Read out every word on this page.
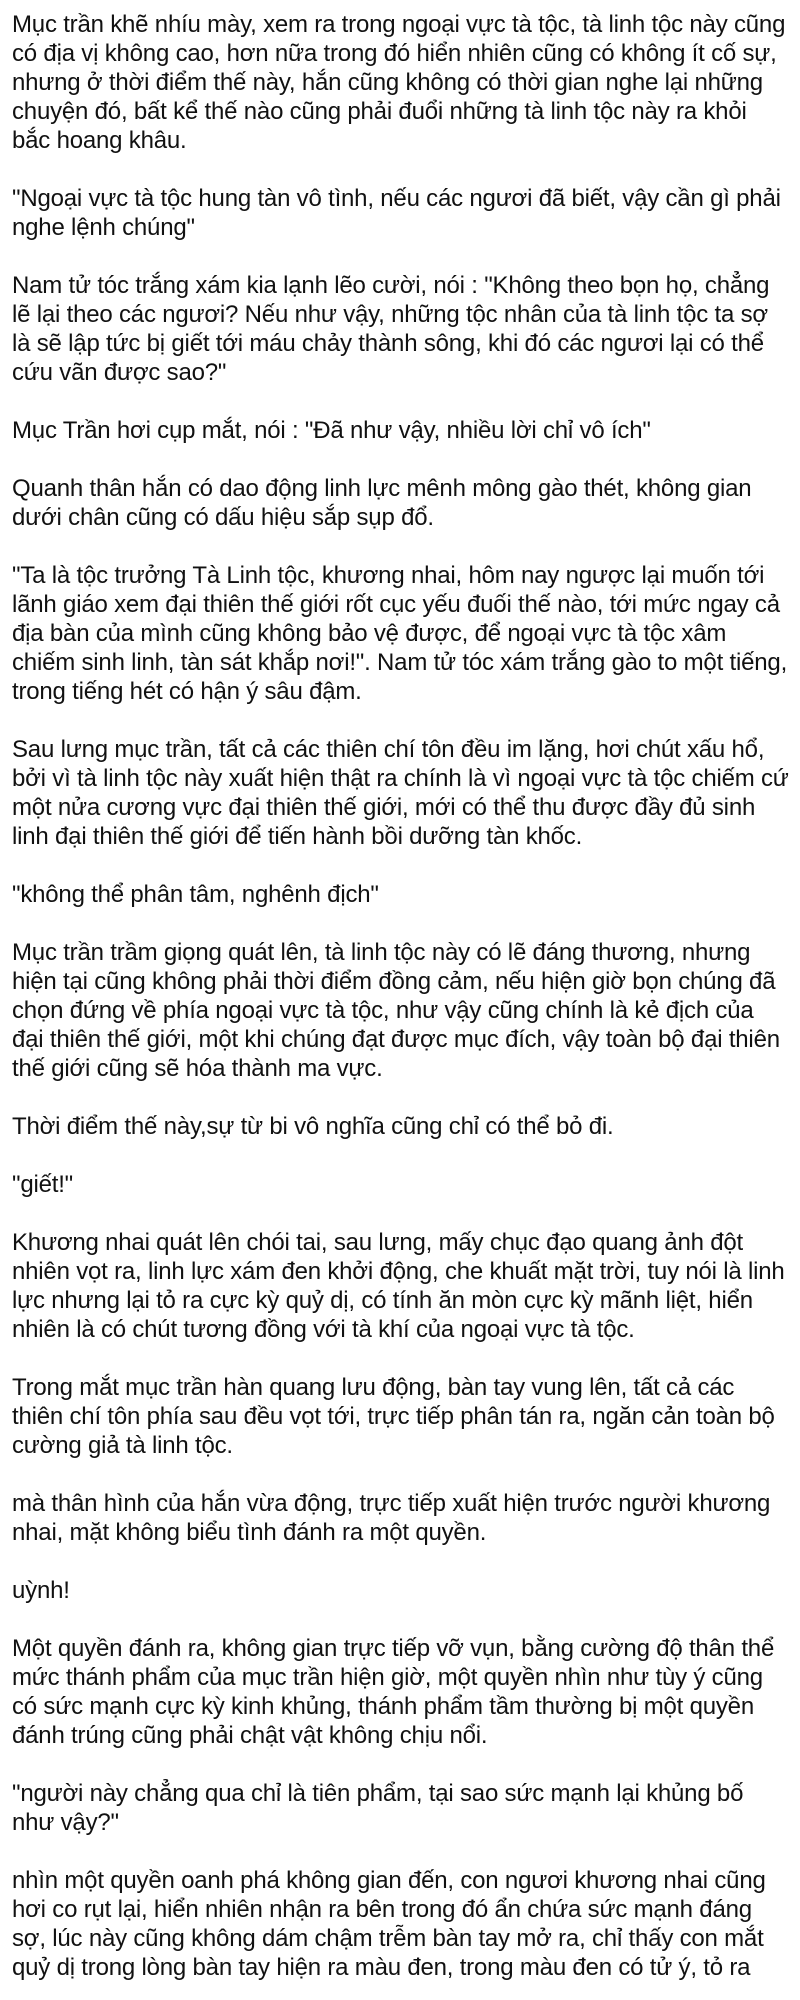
Mục trần khẽ nhíu mày, xem ra trong ngoại vực tà tộc, tà linh tộc này cũng có địa vị không cao, hơn nữa trong đó hiển nhiên cũng có không ít cố sự, nhưng ở thời điểm thế này, hắn cũng không có thời gian nghe lại những chuyện đó, bất kể thế nào cũng phải đuổi những tà linh tộc này ra khỏi bắc hoang khâu.

"Ngoại vực tà tộc hung tàn vô tình, nếu các ngươi đã biết, vậy cần gì phải nghe lệnh chúng"

Nam tử tóc trắng xám kia lạnh lẽo cười, nói : "Không theo bọn họ, chẳng lẽ lại theo các ngươi? Nếu như vậy, những tộc nhân của tà linh tộc ta sợ là sẽ lập tức bị giết tới máu chảy thành sông, khi đó các ngươi lại có thể cứu vãn được sao?"

Mục Trần hơi cụp mắt, nói : "Đã như vậy, nhiều lời chỉ vô ích"

Quanh thân hắn có dao động linh lực mênh mông gào thét, không gian dưới chân cũng có dấu hiệu sắp sụp đổ.

"Ta là tộc trưởng Tà Linh tộc, khương nhai, hôm nay ngược lại muốn tới lãnh giáo xem đại thiên thế giới rốt cục yếu đuối thế nào, tới mức ngay cả địa bàn của mình cũng không bảo vệ được, để ngoại vực tà tộc xâm chiếm sinh linh, tàn sát khắp nơi!". Nam tử tóc xám trắng gào to một tiếng, trong tiếng hét có hận ý sâu đậm.

Sau lưng mục trần, tất cả các thiên chí tôn đều im lặng, hơi chút xấu hổ, bởi vì tà linh tộc này xuất hiện thật ra chính là vì ngoại vực tà tộc chiếm cứ một nửa cương vực đại thiên thế giới, mới có thể thu được đầy đủ sinh linh đại thiên thế giới để tiến hành bồi dưỡng tàn khốc.

"không thể phân tâm, nghênh địch"

Mục trần trầm giọng quát lên, tà linh tộc này có lẽ đáng thương, nhưng hiện tại cũng không phải thời điểm đồng cảm, nếu hiện giờ bọn chúng đã chọn đứng về phía ngoại vực tà tộc, như vậy cũng chính là kẻ địch của đại thiên thế giới, một khi chúng đạt được mục đích, vậy toàn bộ đại thiên thế giới cũng sẽ hóa thành ma vực.

Thời điểm thế này,sự từ bi vô nghĩa cũng chỉ có thể bỏ đi.

"giết!"

Khương nhai quát lên chói tai, sau lưng, mấy chục đạo quang ảnh đột nhiên vọt ra, linh lực xám đen khởi động, che khuất mặt trời, tuy nói là linh lực nhưng lại tỏ ra cực kỳ quỷ dị, có tính ăn mòn cực kỳ mãnh liệt, hiển nhiên là có chút tương đồng với tà khí của ngoại vực tà tộc.

Trong mắt mục trần hàn quang lưu động, bàn tay vung lên, tất cả các thiên chí tôn phía sau đều vọt tới, trực tiếp phân tán ra, ngăn cản toàn bộ cường giả tà linh tộc.

mà thân hình của hắn vừa động, trực tiếp xuất hiện trước người khương nhai, mặt không biểu tình đánh ra một quyền.

uỳnh!

Một quyền đánh ra, không gian trực tiếp vỡ vụn, bằng cường độ thân thể mức thánh phẩm của mục trần hiện giờ, một quyền nhìn như tùy ý cũng có sức mạnh cực kỳ kinh khủng, thánh phẩm tầm thường bị một quyền đánh trúng cũng phải chật vật không chịu nổi.

"người này chẳng qua chỉ là tiên phẩm, tại sao sức mạnh lại khủng bố như vậy?"

nhìn một quyền oanh phá không gian đến, con ngươi khương nhai cũng hơi co rụt lại, hiển nhiên nhận ra bên trong đó ẩn chứa sức mạnh đáng sợ, lúc này cũng không dám chậm trễm bàn tay mở ra, chỉ thấy con mắt quỷ dị trong lòng bàn tay hiện ra màu đen, trong màu đen có tử ý, tỏ ra
